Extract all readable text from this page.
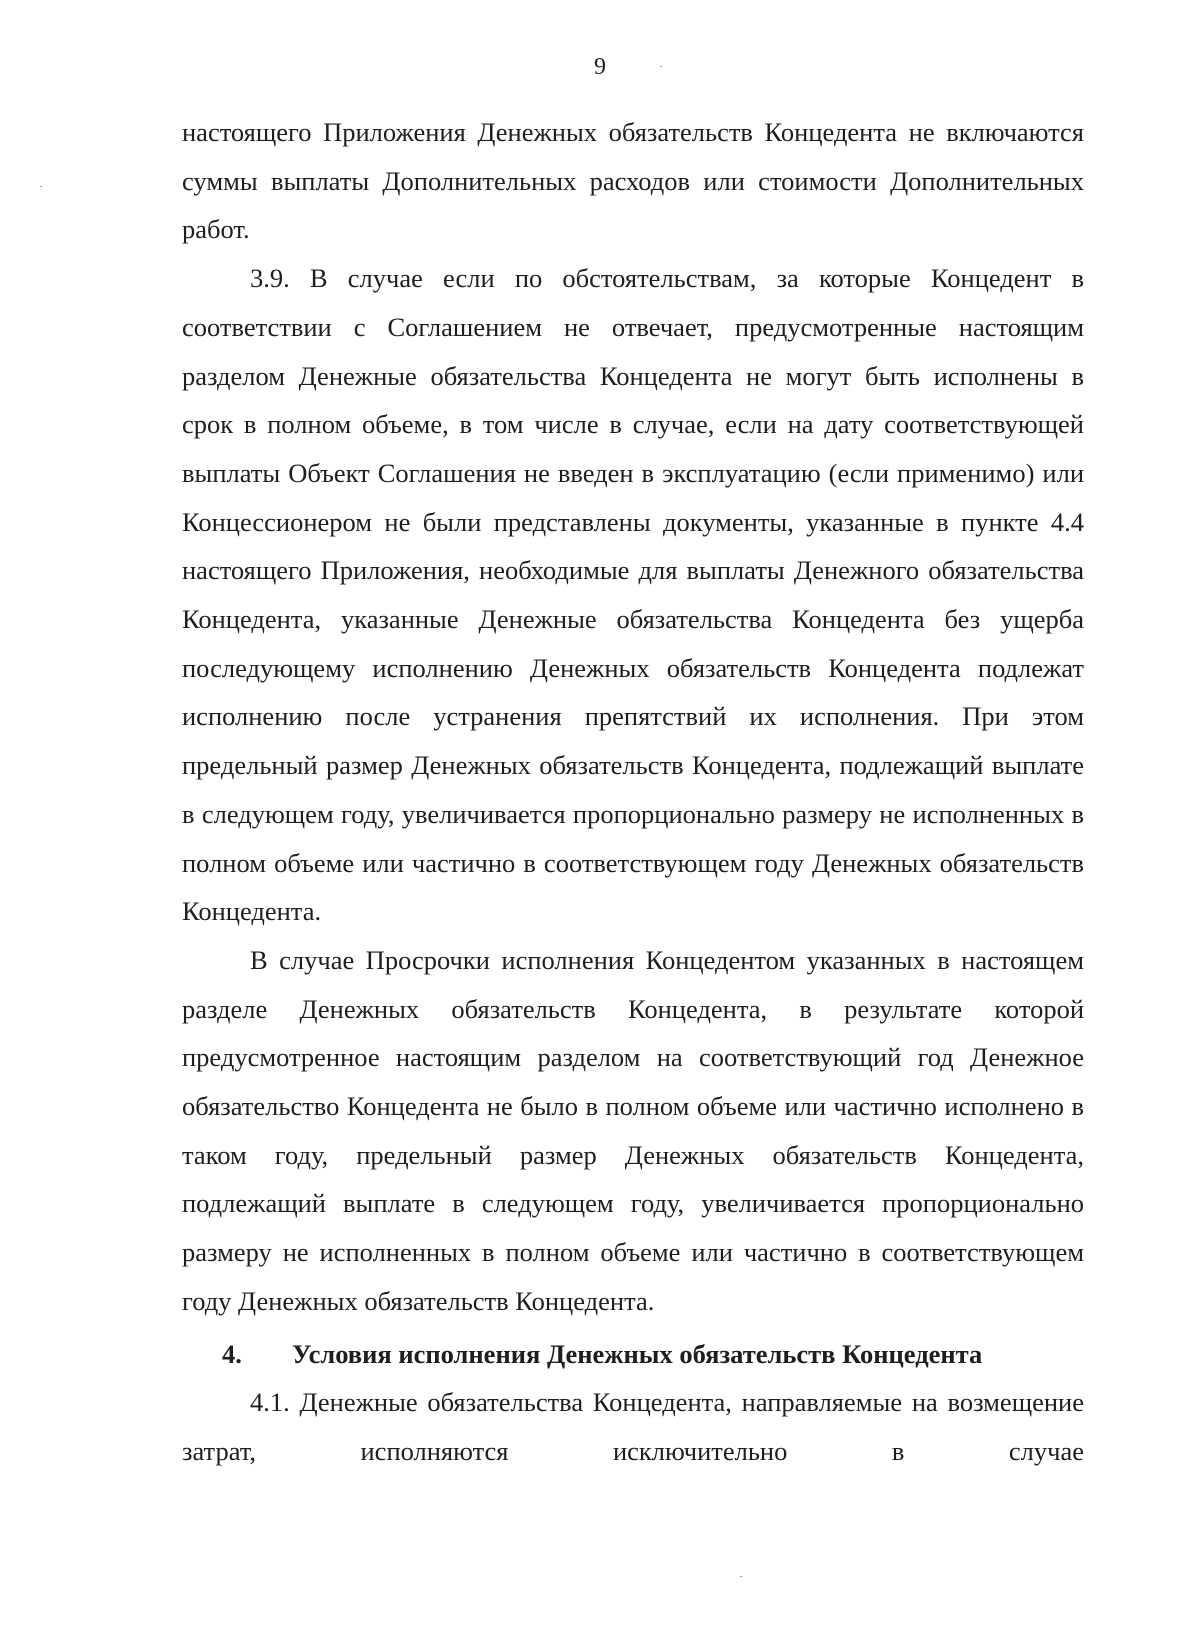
9

настоящего Приложения Денежных обязательств Концедента не включаются суммы выплаты Дополнительных расходов или стоимости Дополнительных работ.

3.9. В случае если по обстоятельствам, за которые Концедент в соответствии с Соглашением не отвечает, предусмотренные настоящим разделом Денежные обязательства Концедента не могут быть исполнены в срок в полном объеме, в том числе в случае, если на дату соответствующей выплаты Объект Соглашения не введен в эксплуатацию (если применимо) или Концессионером не были представлены документы, указанные в пункте 4.4 настоящего Приложения, необходимые для выплаты Денежного обязательства Концедента, указанные Денежные обязательства Концедента без ущерба последующему исполнению Денежных обязательств Концедента подлежат исполнению после устранения препятствий их исполнения. При этом предельный размер Денежных обязательств Концедента, подлежащий выплате в следующем году, увеличивается пропорционально размеру не исполненных в полном объеме или частично в соответствующем году Денежных обязательств Концедента.

В случае Просрочки исполнения Концедентом указанных в настоящем разделе Денежных обязательств Концедента, в результате которой предусмотренное настоящим разделом на соответствующий год Денежное обязательство Концедента не было в полном объеме или частично исполнено в таком году, предельный размер Денежных обязательств Концедента, подлежащий выплате в следующем году, увеличивается пропорционально размеру не исполненных в полном объеме или частично в соответствующем году Денежных обязательств Концедента.

4. Условия исполнения Денежных обязательств Концедента

4.1. Денежные обязательства Концедента, направляемые на возмещение затрат, исполняются исключительно в случае
